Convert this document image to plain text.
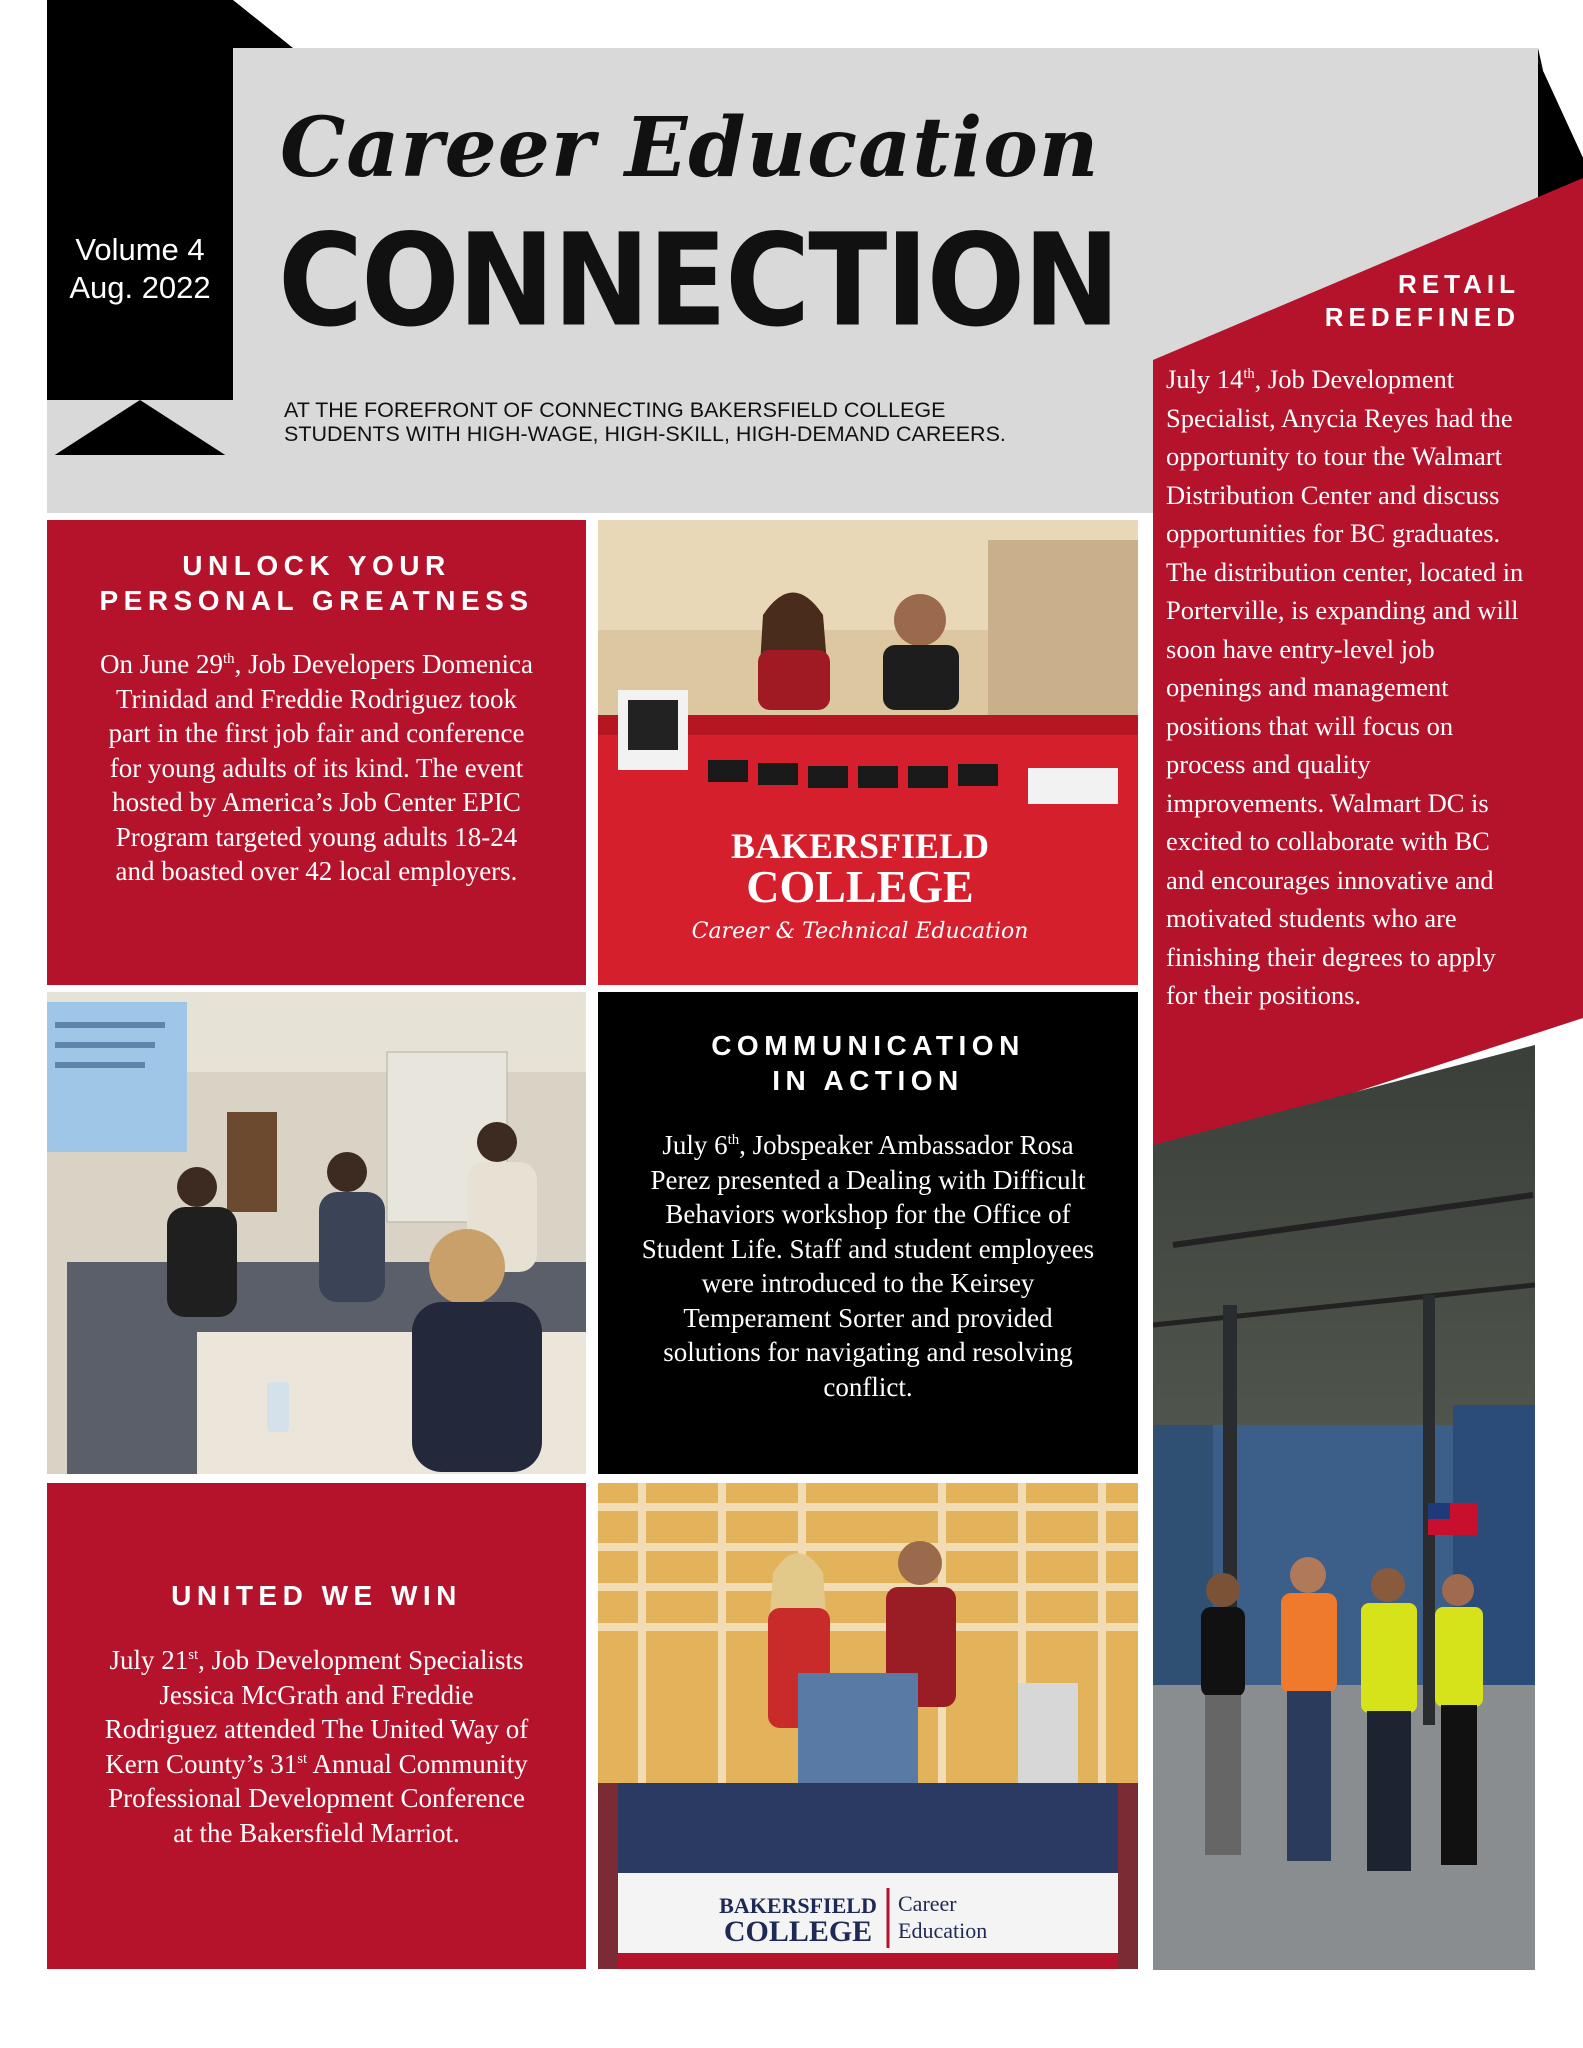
Volume 4
Aug. 2022
Career Education
CONNECTION
AT THE FOREFRONT OF CONNECTING BAKERSFIELD COLLEGE
STUDENTS WITH HIGH-WAGE, HIGH-SKILL, HIGH-DEMAND CAREERS.
RETAIL
REDEFINED
July 14th, Job Development Specialist, Anycia Reyes had the opportunity to tour the Walmart Distribution Center and discuss opportunities for BC graduates. The distribution center, located in Porterville, is expanding and will soon have entry-level job openings and management positions that will focus on process and quality improvements. Walmart DC is excited to collaborate with BC and encourages innovative and motivated students who are finishing their degrees to apply for their positions.
UNLOCK YOUR
PERSONAL GREATNESS
On June 29th, Job Developers Domenica Trinidad and Freddie Rodriguez took part in the first job fair and conference for young adults of its kind. The event hosted by America’s Job Center EPIC Program targeted young adults 18-24 and boasted over 42 local employers.
BAKERSFIELD
COLLEGE
Career & Technical Education
COMMUNICATION
IN ACTION
July 6th, Jobspeaker Ambassador Rosa Perez presented a Dealing with Difficult Behaviors workshop for the Office of Student Life. Staff and student employees were introduced to the Keirsey Temperament Sorter and provided solutions for navigating and resolving conflict.
UNITED WE WIN
July 21st, Job Development Specialists Jessica McGrath and Freddie Rodriguez attended The United Way of Kern County’s 31st Annual Community Professional Development Conference at the Bakersfield Marriot.
BAKERSFIELD
COLLEGE
Career
Education
